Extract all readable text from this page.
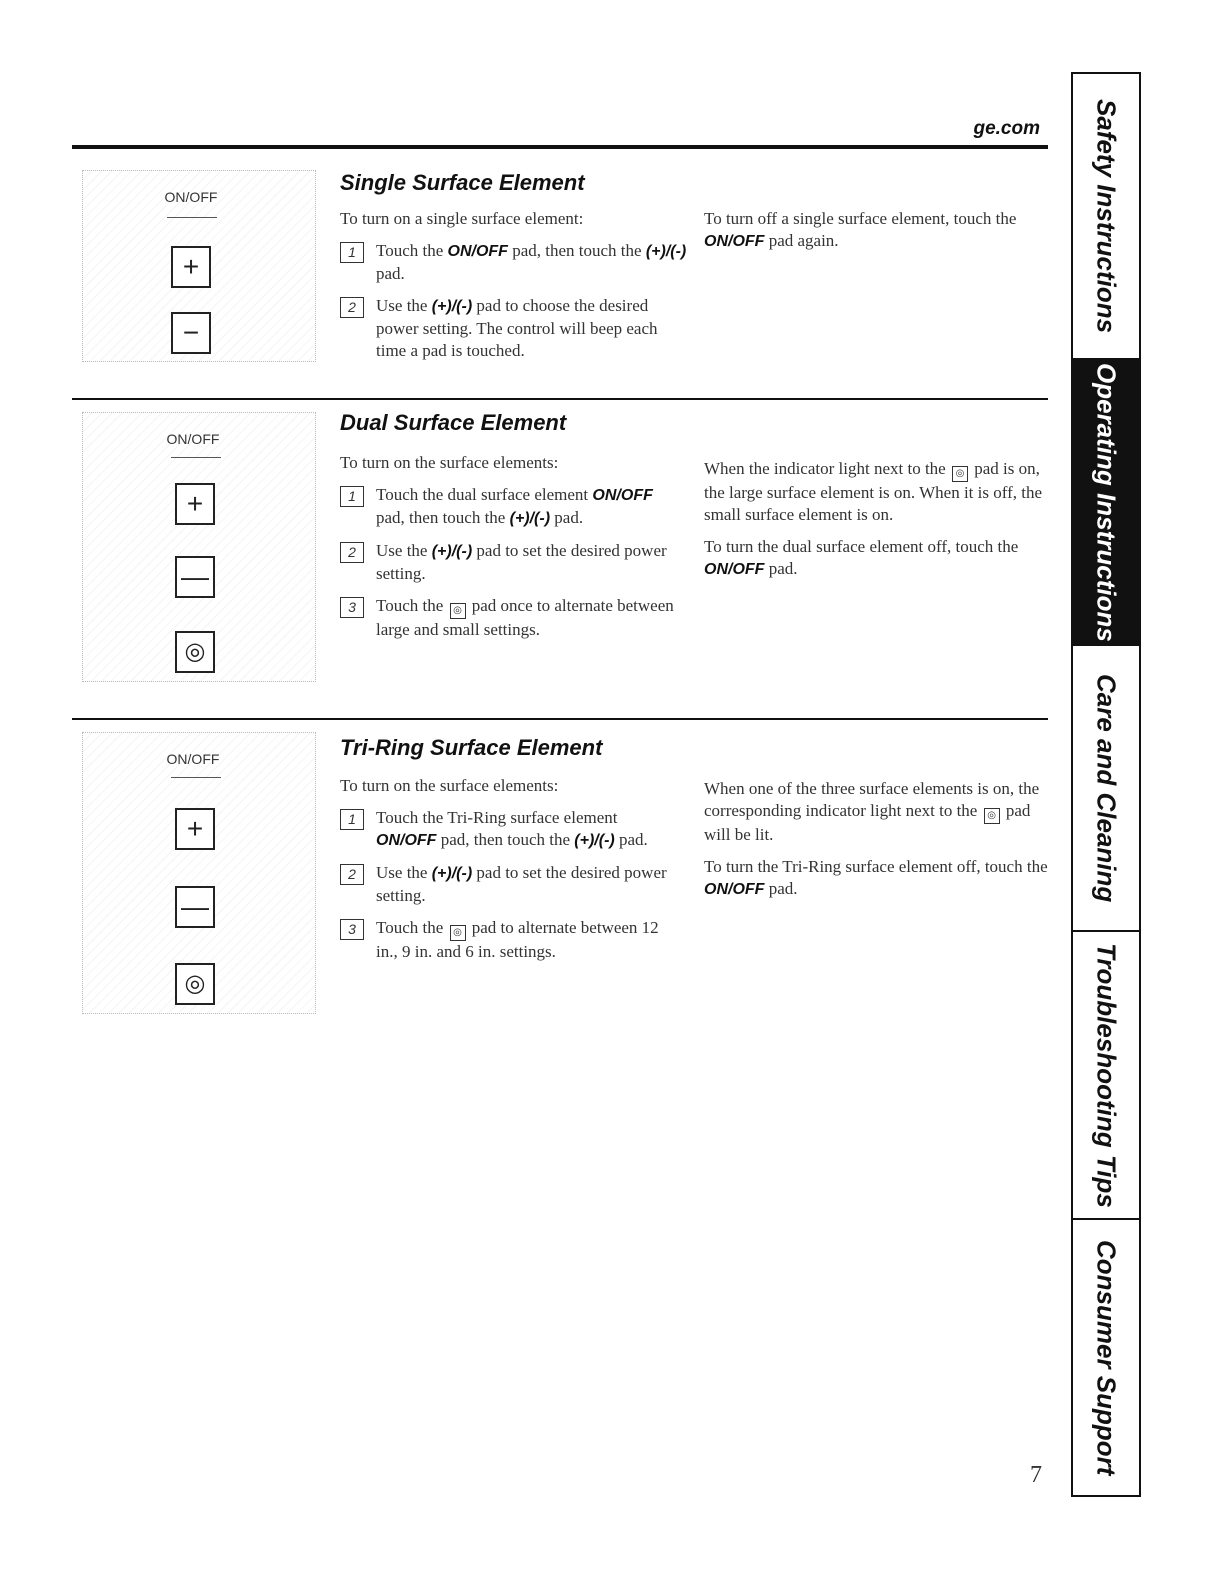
ge.com
ON/OFF
+
−
Single Surface Element

To turn on a single surface element:

1	Touch the ON/OFF pad, then touch the (+)/(-) pad.
2	Use the (+)/(-) pad to choose the desired power setting. The control will beep each time a pad is touched.

To turn off a single surface element, touch the ON/OFF pad again.

ON/OFF
+
—
◎
Dual Surface Element

To turn on the surface elements:

1	Touch the dual surface element ON/OFF pad, then touch the (+)/(-) pad.
2	Use the (+)/(-) pad to set the desired power setting.
3	Touch the ◎ pad once to alternate between large and small settings.

When the indicator light next to the ◎ pad is on, the large surface element is on. When it is off, the small surface element is on.

To turn the dual surface element off, touch the ON/OFF pad.

ON/OFF
+
—
◎
Tri-Ring Surface Element

To turn on the surface elements:

1	Touch the Tri-Ring surface element ON/OFF pad, then touch the (+)/(-) pad.
2	Use the (+)/(-) pad to set the desired power setting.
3	Touch the ◎ pad to alternate between 12 in., 9 in. and 6 in. settings.

When one of the three surface elements is on, the corresponding indicator light next to the ◎ pad will be lit.

To turn the Tri-Ring surface element off, touch the ON/OFF pad.

Safety Instructions
Operating Instructions
Care and Cleaning
Troubleshooting Tips
Consumer Support
7
